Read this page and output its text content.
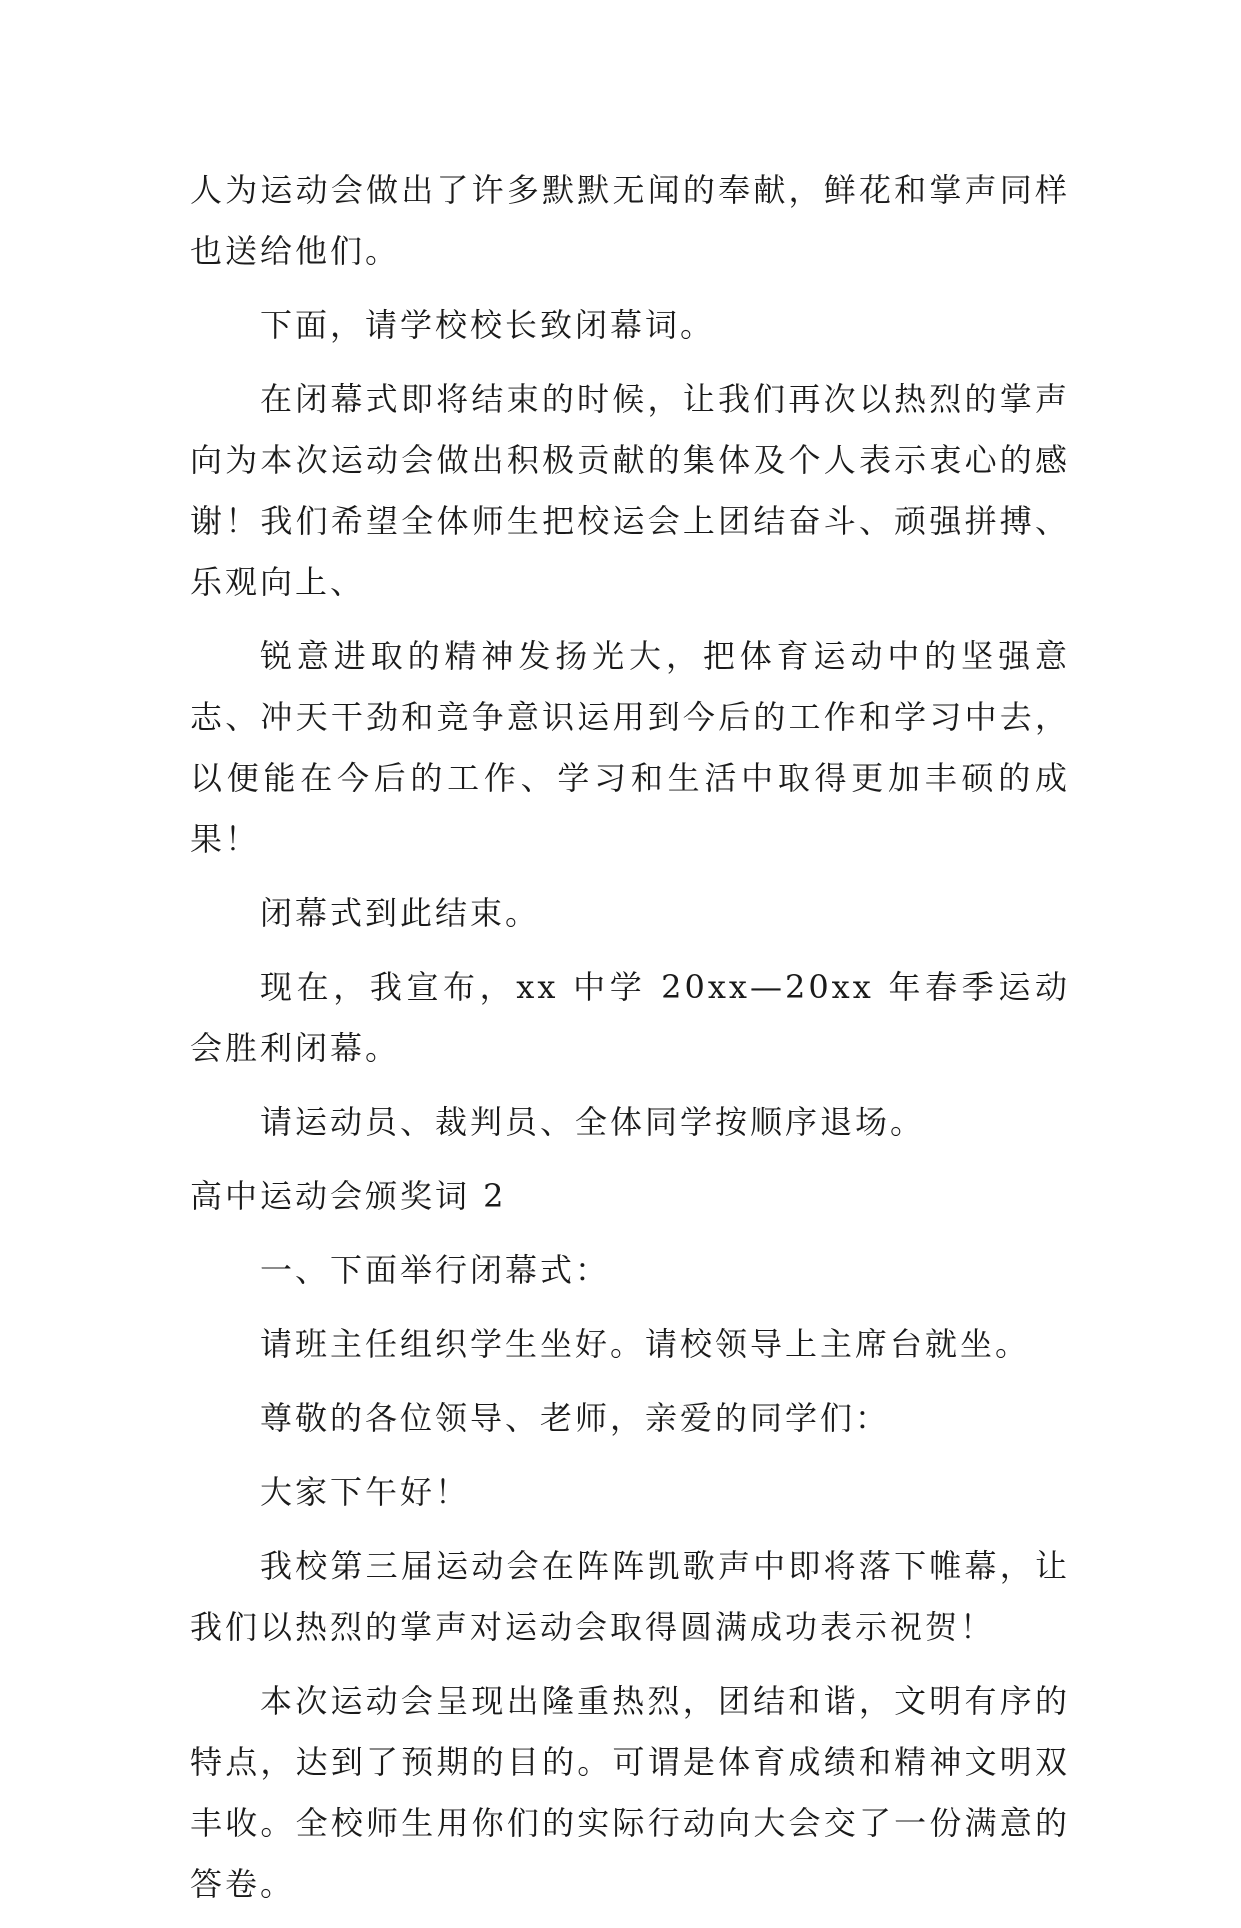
人为运动会做出了许多默默无闻的奉献，鲜花和掌声同样也送给他们。

下面，请学校校长致闭幕词。

在闭幕式即将结束的时候，让我们再次以热烈的掌声向为本次运动会做出积极贡献的集体及个人表示衷心的感谢！我们希望全体师生把校运会上团结奋斗、顽强拼搏、乐观向上、

锐意进取的精神发扬光大，把体育运动中的坚强意志、冲天干劲和竞争意识运用到今后的工作和学习中去，以便能在今后的工作、学习和生活中取得更加丰硕的成果！

闭幕式到此结束。

现在，我宣布，xx 中学 20xx—20xx 年春季运动会胜利闭幕。

请运动员、裁判员、全体同学按顺序退场。

高中运动会颁奖词 2

一、下面举行闭幕式：

请班主任组织学生坐好。请校领导上主席台就坐。

尊敬的各位领导、老师，亲爱的同学们：

大家下午好！

我校第三届运动会在阵阵凯歌声中即将落下帷幕，让我们以热烈的掌声对运动会取得圆满成功表示祝贺！

本次运动会呈现出隆重热烈，团结和谐，文明有序的特点，达到了预期的目的。可谓是体育成绩和精神文明双丰收。全校师生用你们的实际行动向大会交了一份满意的答卷。
